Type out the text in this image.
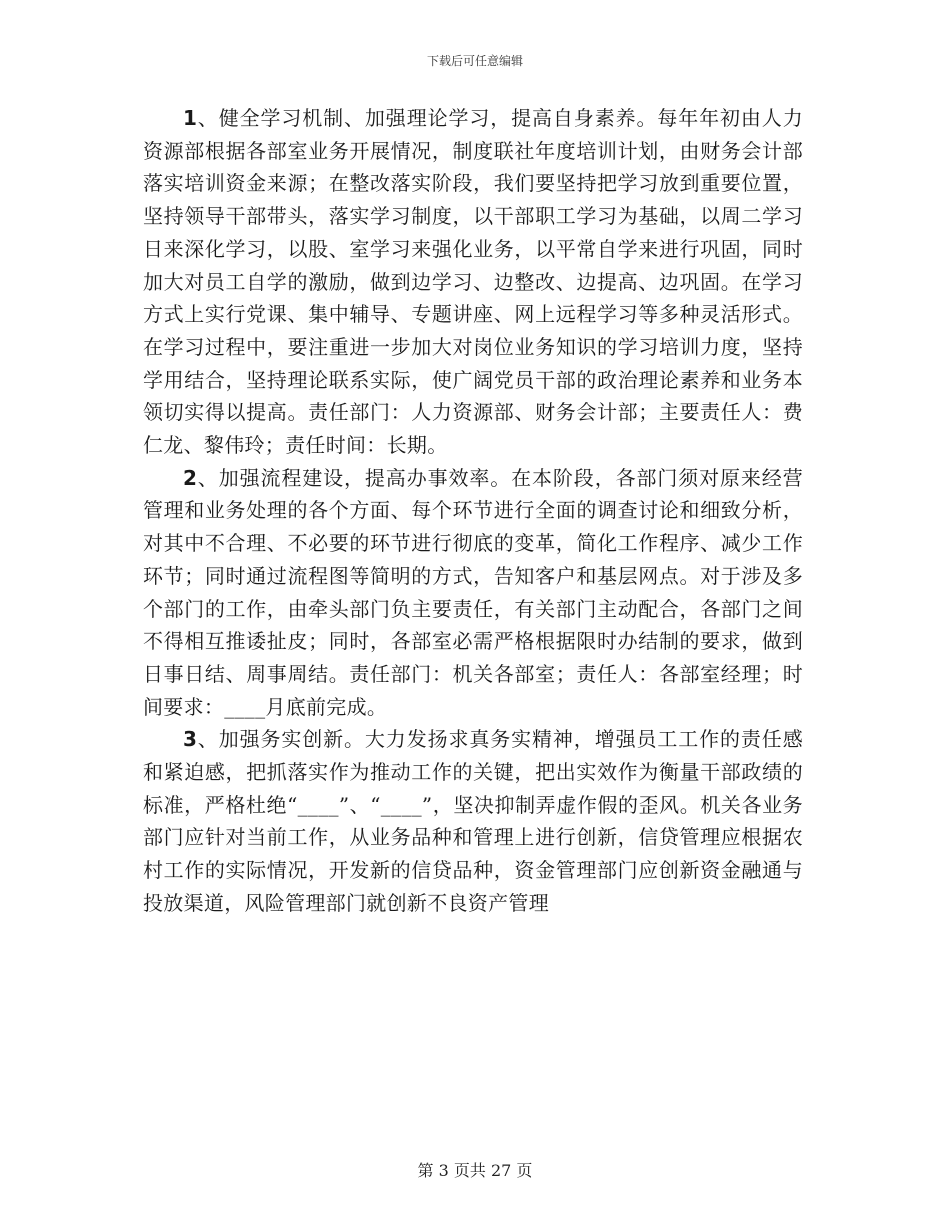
下载后可任意编辑

1、健全学习机制、加强理论学习，提高自身素养。每年年初由人力资源部根据各部室业务开展情况，制度联社年度培训计划，由财务会计部落实培训资金来源；在整改落实阶段，我们要坚持把学习放到重要位置，坚持领导干部带头，落实学习制度，以干部职工学习为基础，以周二学习日来深化学习，以股、室学习来强化业务，以平常自学来进行巩固，同时加大对员工自学的激励，做到边学习、边整改、边提高、边巩固。在学习方式上实行党课、集中辅导、专题讲座、网上远程学习等多种灵活形式。在学习过程中，要注重进一步加大对岗位业务知识的学习培训力度，坚持学用结合，坚持理论联系实际，使广阔党员干部的政治理论素养和业务本领切实得以提高。责任部门：人力资源部、财务会计部；主要责任人：费仁龙、黎伟玲；责任时间：长期。

2、加强流程建设，提高办事效率。在本阶段，各部门须对原来经营管理和业务处理的各个方面、每个环节进行全面的调查讨论和细致分析，对其中不合理、不必要的环节进行彻底的变革，简化工作程序、减少工作环节；同时通过流程图等简明的方式，告知客户和基层网点。对于涉及多个部门的工作，由牵头部门负主要责任，有关部门主动配合，各部门之间不得相互推诿扯皮；同时，各部室必需严格根据限时办结制的要求，做到日事日结、周事周结。责任部门：机关各部室；责任人：各部室经理；时间要求：____月底前完成。

3、加强务实创新。大力发扬求真务实精神，增强员工工作的责任感和紧迫感，把抓落实作为推动工作的关键，把出实效作为衡量干部政绩的标准，严格杜绝“____”、“____”，坚决抑制弄虚作假的歪风。机关各业务部门应针对当前工作，从业务品种和管理上进行创新，信贷管理应根据农村工作的实际情况，开发新的信贷品种，资金管理部门应创新资金融通与投放渠道，风险管理部门就创新不良资产管理

第 3 页共 27 页
